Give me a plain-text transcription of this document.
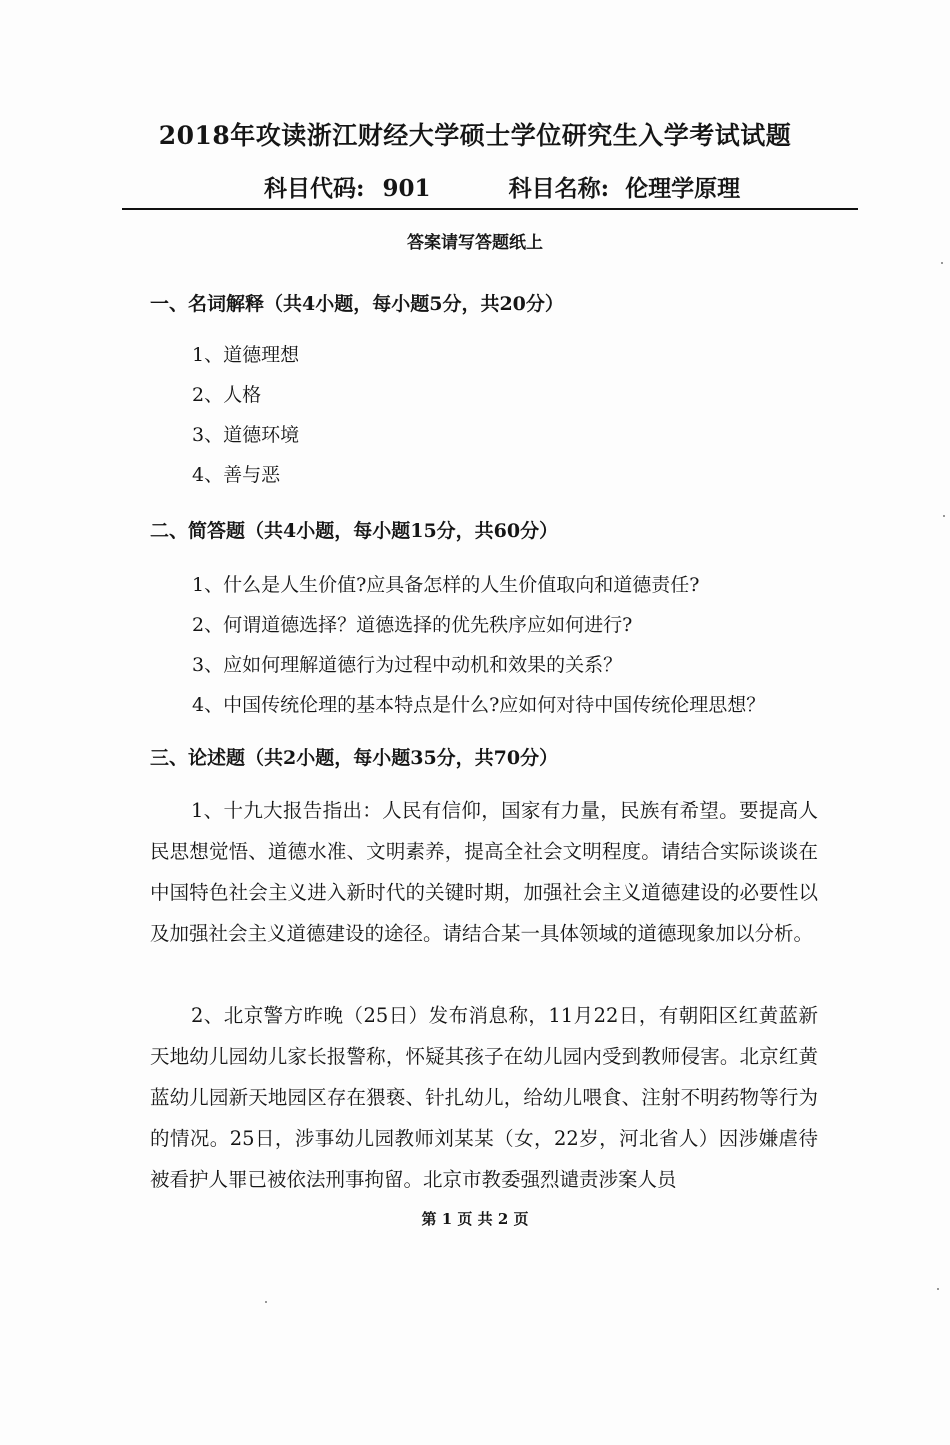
2018年攻读浙江财经大学硕士学位研究生入学考试试题
科目代码: 901	科目名称: 伦理学原理
答案请写答题纸上
一、名词解释（共4小题，每小题5分，共20分）
1、道德理想
2、人格
3、道德环境
4、善与恶
二、简答题（共4小题，每小题15分，共60分）
1、什么是人生价值?应具备怎样的人生价值取向和道德责任?
2、何谓道德选择？道德选择的优先秩序应如何进行?
3、应如何理解道德行为过程中动机和效果的关系？
4、中国传统伦理的基本特点是什么?应如何对待中国传统伦理思想？
三、论述题（共2小题，每小题35分，共70分）
1、十九大报告指出：人民有信仰，国家有力量，民族有希望。要提高人民思想觉悟、道德水准、文明素养，提高全社会文明程度。请结合实际谈谈在中国特色社会主义进入新时代的关键时期，加强社会主义道德建设的必要性以及加强社会主义道德建设的途径。请结合某一具体领域的道德现象加以分析。
2、北京警方昨晚（25日）发布消息称，11月22日，有朝阳区红黄蓝新天地幼儿园幼儿家长报警称，怀疑其孩子在幼儿园内受到教师侵害。北京红黄蓝幼儿园新天地园区存在猥亵、针扎幼儿，给幼儿喂食、注射不明药物等行为的情况。25日，涉事幼儿园教师刘某某（女，22岁，河北省人）因涉嫌虐待被看护人罪已被依法刑事拘留。北京市教委强烈谴责涉案人员
第 1 页 共 2 页
